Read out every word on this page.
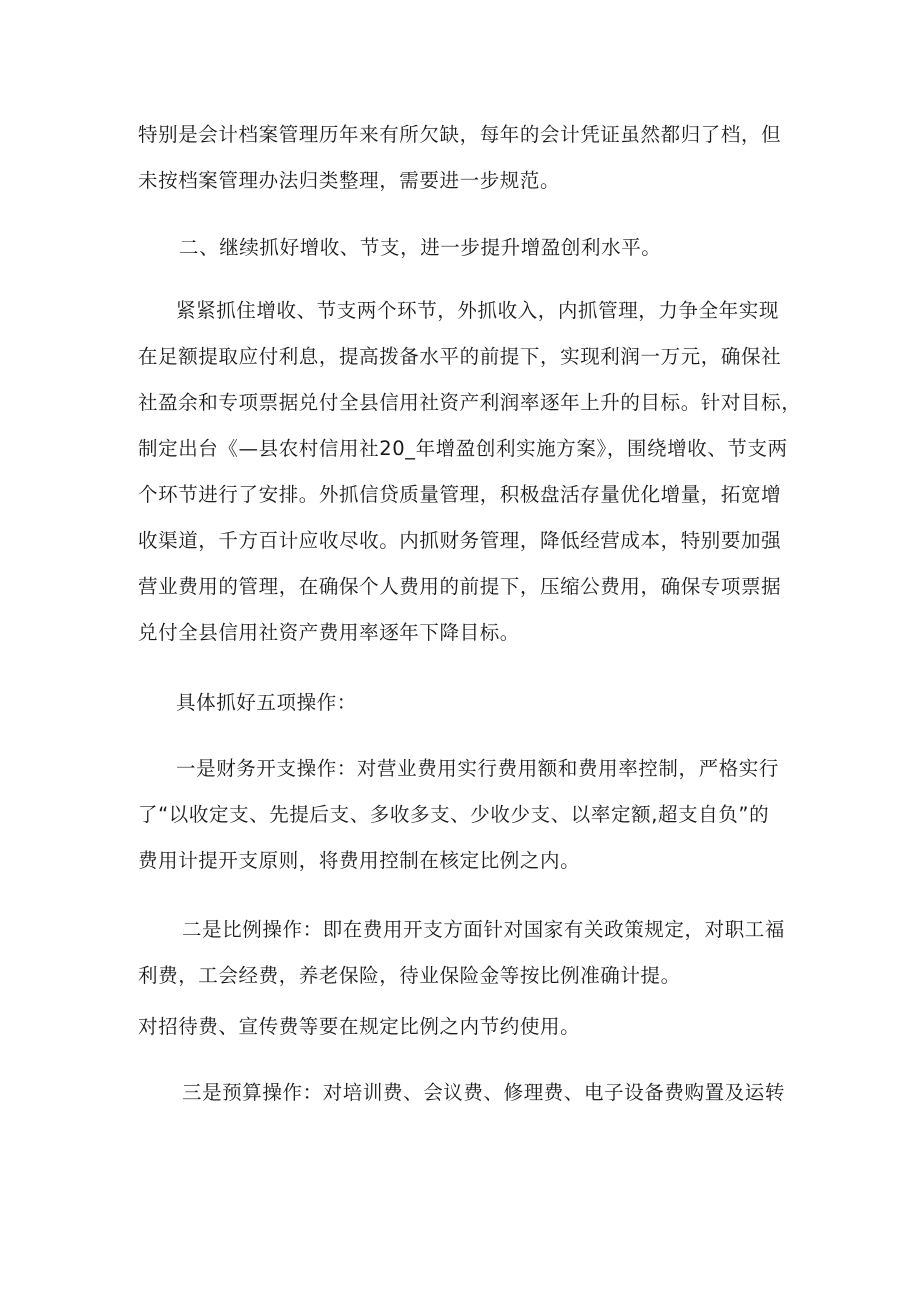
特别是会计档案管理历年来有所欠缺，每年的会计凭证虽然都归了档，但
未按档案管理办法归类整理，需要进一步规范。
二、继续抓好增收、节支，进一步提升增盈创利水平。
紧紧抓住增收、节支两个环节，外抓收入，内抓管理，力争全年实现
在足额提取应付利息，提高拨备水平的前提下，实现利润一万元，确保社
社盈余和专项票据兑付全县信用社资产利润率逐年上升的目标。针对目标，
制定出台《—县农村信用社20_年增盈创利实施方案》，围绕增收、节支两
个环节进行了安排。外抓信贷质量管理，积极盘活存量优化增量，拓宽增
收渠道，千方百计应收尽收。内抓财务管理，降低经营成本，特别要加强
营业费用的管理，在确保个人费用的前提下，压缩公费用，确保专项票据
兑付全县信用社资产费用率逐年下降目标。
具体抓好五项操作：
一是财务开支操作：对营业费用实行费用额和费用率控制，严格实行
了“以收定支、先提后支、多收多支、少收少支、以率定额,超支自负”的
费用计提开支原则，将费用控制在核定比例之内。
二是比例操作：即在费用开支方面针对国家有关政策规定，对职工福
利费，工会经费，养老保险，待业保险金等按比例准确计提。
对招待费、宣传费等要在规定比例之内节约使用。
三是预算操作：对培训费、会议费、修理费、电子设备费购置及运转
